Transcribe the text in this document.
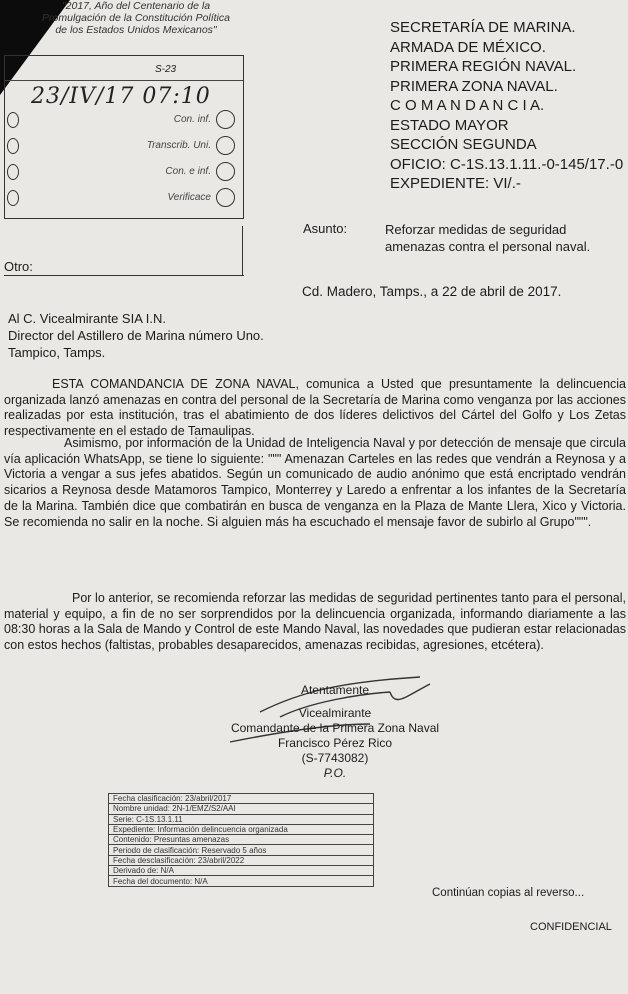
"2017, Año del Centenario de la
Promulgación de la Constitución Política
de los Estados Unidos Mexicanos"
S-23
23/IV/17 07:10
Con. inf.
Transcrib. Uni.
Con. e inf.
Verificace
Otro:
SECRETARÍA DE MARINA.
ARMADA DE MÉXICO.
PRIMERA REGIÓN NAVAL.
PRIMERA ZONA NAVAL.
C O M A N D A N C I A.
ESTADO MAYOR
SECCIÓN SEGUNDA
OFICIO: C-1S.13.1.11.-0-145/17.-0
EXPEDIENTE: VI/.-
Asunto:	Reforzar medidas de seguridad amenazas contra el personal naval.
Cd. Madero, Tamps., a 22 de abril de 2017.
Al C. Vicealmirante SIA I.N.
Director del Astillero de Marina número Uno.
Tampico, Tamps.
ESTA COMANDANCIA DE ZONA NAVAL, comunica a Usted que presuntamente la delincuencia organizada lanzó amenazas en contra del personal de la Secretaría de Marina como venganza por las acciones realizadas por esta institución, tras el abatimiento de dos líderes delictivos del Cártel del Golfo y Los Zetas respectivamente en el estado de Tamaulipas.
Asimismo, por información de la Unidad de Inteligencia Naval y por detección de mensaje que circula vía aplicación WhatsApp, se tiene lo siguiente: """ Amenazan Carteles en las redes que vendrán a Reynosa y a Victoria a vengar a sus jefes abatidos. Según un comunicado de audio anónimo que está encriptado vendrán sicarios a Reynosa desde Matamoros Tampico, Monterrey y Laredo a enfrentar a los infantes de la Secretaría de la Marina. También dice que combatirán en busca de venganza en la Plaza de Mante Llera, Xico y Victoria. Se recomienda no salir en la noche. Si alguien más ha escuchado el mensaje favor de subirlo al Grupo""".
Por lo anterior, se recomienda reforzar las medidas de seguridad pertinentes tanto para el personal, material y equipo, a fin de no ser sorprendidos por la delincuencia organizada, informando diariamente a las 08:30 horas a la Sala de Mando y Control de este Mando Naval, las novedades que pudieran estar relacionadas con estos hechos (faltistas, probables desaparecidos, amenazas recibidas, agresiones, etcétera).
Atentamente
Vicealmirante
Comandante de la Primera Zona Naval
Francisco Pérez Rico
(S-7743082)
P.O.
Fecha clasificación: 23/abril/2017
Nombre unidad: 2N-1/EMZ/S2/AAI
Serie: C-1S.13.1.11
Expediente: Información delincuencia organizada
Contenido: Presuntas amenazas
Periodo de clasificación: Reservado 5 años
Fecha desclasificación: 23/abril/2022
Derivado de: N/A
Fecha del documento: N/A
Continúan copias al reverso...
CONFIDENCIAL
